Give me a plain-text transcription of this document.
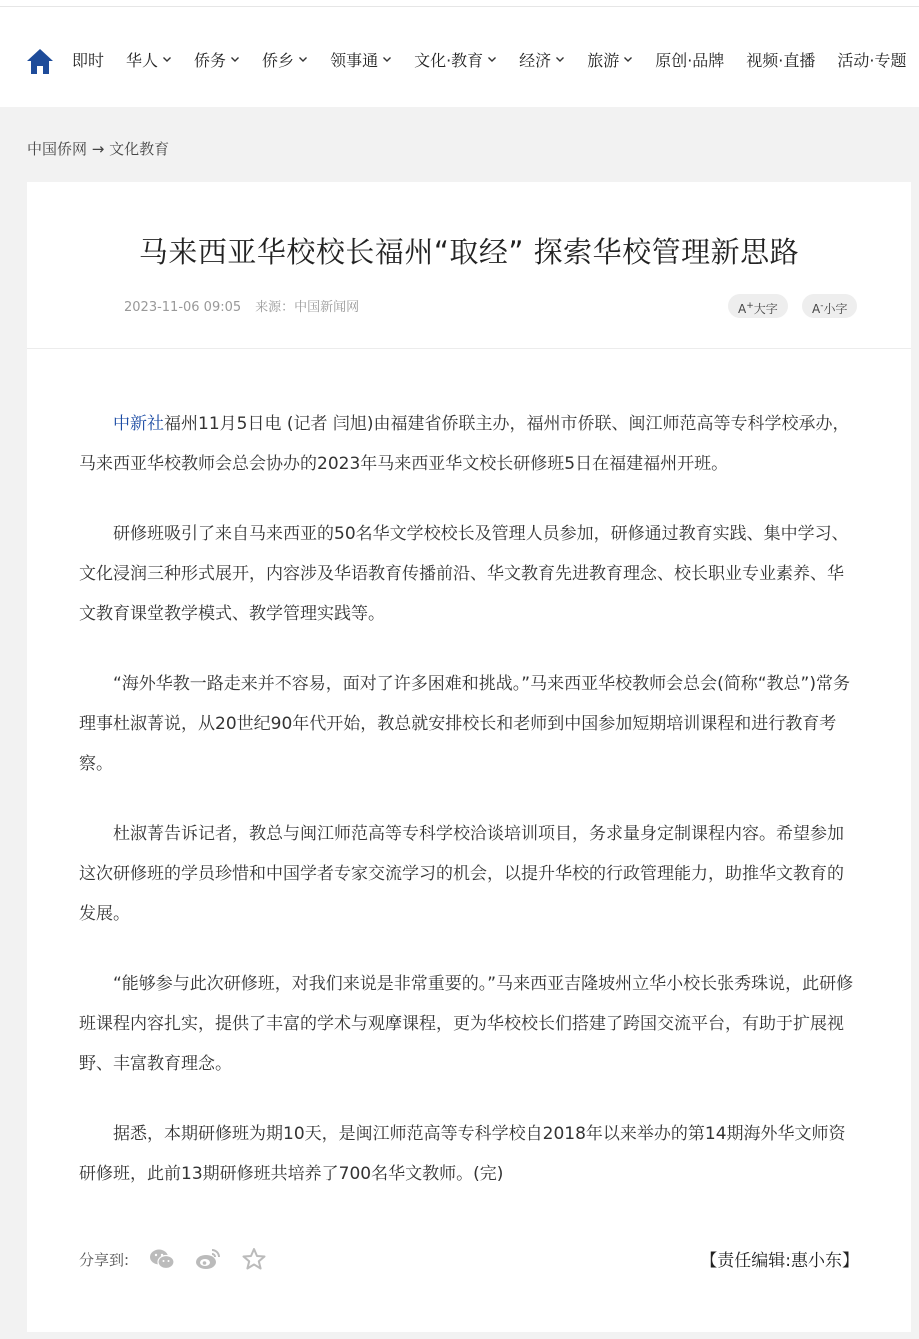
即时 华人 侨务 侨乡 领事通 文化·教育 经济 旅游 原创·品牌 视频·直播 活动·专题
中国侨网 → 文化教育
马来西亚华校校长福州“取经” 探索华校管理新思路
2023-11-06 09:05 来源：中国新闻网	A+大字	A-小字

中新社福州11月5日电 (记者 闫旭)由福建省侨联主办，福州市侨联、闽江师范高等专科学校承办，马来西亚华校教师会总会协办的2023年马来西亚华文校长研修班5日在福建福州开班。

研修班吸引了来自马来西亚的50名华文学校校长及管理人员参加，研修通过教育实践、集中学习、文化浸润三种形式展开，内容涉及华语教育传播前沿、华文教育先进教育理念、校长职业专业素养、华文教育课堂教学模式、教学管理实践等。

“海外华教一路走来并不容易，面对了许多困难和挑战。”马来西亚华校教师会总会(简称“教总”)常务理事杜淑菁说，从20世纪90年代开始，教总就安排校长和老师到中国参加短期培训课程和进行教育考察。

杜淑菁告诉记者，教总与闽江师范高等专科学校洽谈培训项目，务求量身定制课程内容。希望参加这次研修班的学员珍惜和中国学者专家交流学习的机会，以提升华校的行政管理能力，助推华文教育的发展。

“能够参与此次研修班，对我们来说是非常重要的。”马来西亚吉隆坡州立华小校长张秀珠说，此研修班课程内容扎实，提供了丰富的学术与观摩课程，更为华校校长们搭建了跨国交流平台，有助于扩展视野、丰富教育理念。

据悉，本期研修班为期10天，是闽江师范高等专科学校自2018年以来举办的第14期海外华文师资研修班，此前13期研修班共培养了700名华文教师。(完)

分享到:	【责任编辑:惠小东】
